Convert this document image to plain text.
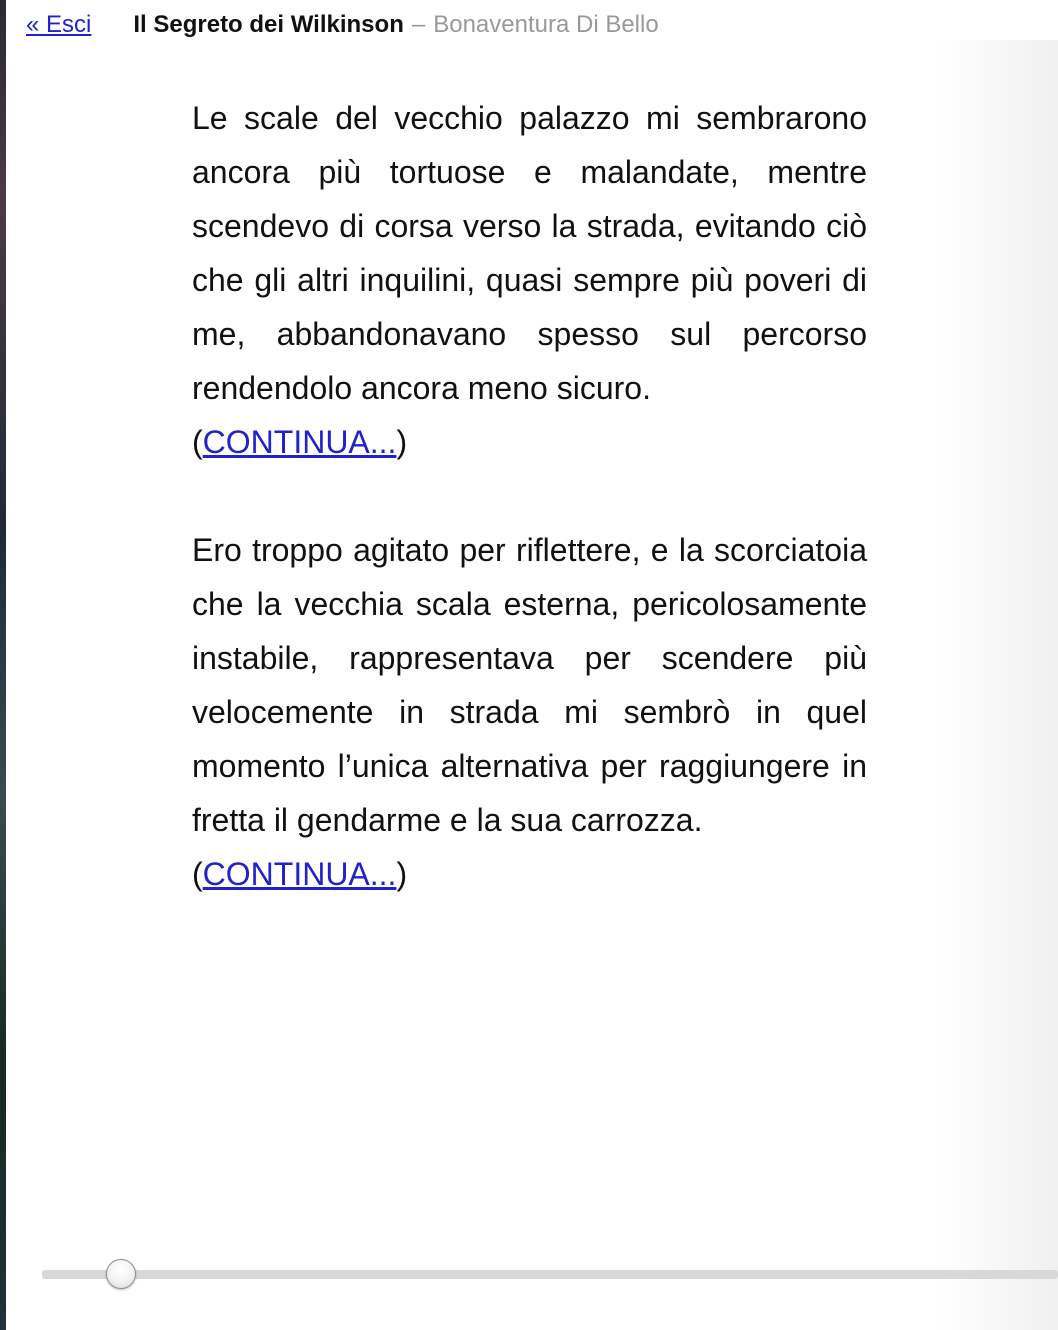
« Esci Il Segreto dei Wilkinson – Bonaventura Di Bello

Le scale del vecchio palazzo mi sembrarono ancora più tortuose e malandate, mentre scendevo di corsa verso la strada, evitando ciò che gli altri inquilini, quasi sempre più poveri di me, abbandonavano spesso sul percorso rendendolo ancora meno sicuro.
(CONTINUA...)

Ero troppo agitato per riflettere, e la scorciatoia che la vecchia scala esterna, pericolosamente instabile, rappresentava per scendere più velocemente in strada mi sembrò in quel momento l’unica alternativa per raggiungere in fretta il gendarme e la sua carrozza.
(CONTINUA...)
